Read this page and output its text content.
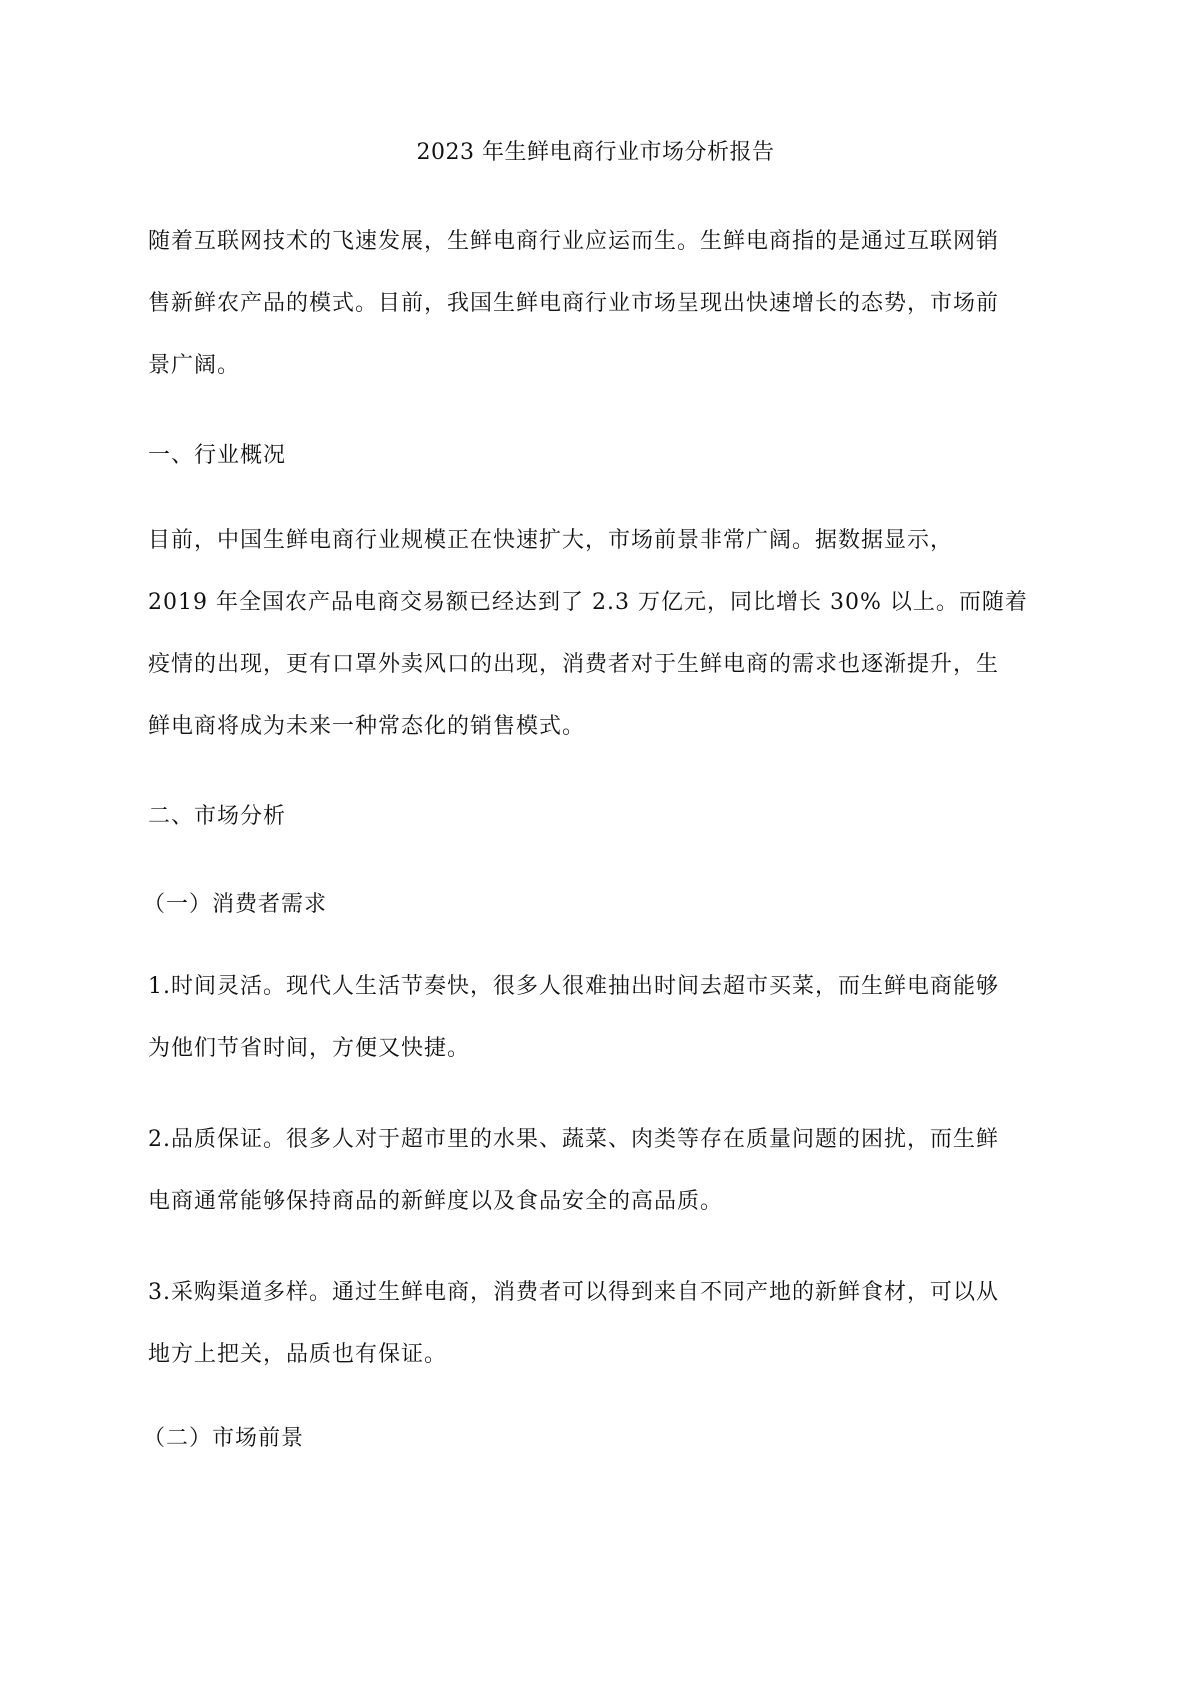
2023 年生鲜电商行业市场分析报告
随着互联网技术的飞速发展，生鲜电商行业应运而生。生鲜电商指的是通过互联网销
售新鲜农产品的模式。目前，我国生鲜电商行业市场呈现出快速增长的态势，市场前
景广阔。
一、行业概况
目前，中国生鲜电商行业规模正在快速扩大，市场前景非常广阔。据数据显示，
2019 年全国农产品电商交易额已经达到了 2.3 万亿元，同比增长 30% 以上。而随着
疫情的出现，更有口罩外卖风口的出现，消费者对于生鲜电商的需求也逐渐提升，生
鲜电商将成为未来一种常态化的销售模式。
二、市场分析
（一）消费者需求
1.时间灵活。现代人生活节奏快，很多人很难抽出时间去超市买菜，而生鲜电商能够
为他们节省时间，方便又快捷。
2.品质保证。很多人对于超市里的水果、蔬菜、肉类等存在质量问题的困扰，而生鲜
电商通常能够保持商品的新鲜度以及食品安全的高品质。
3.采购渠道多样。通过生鲜电商，消费者可以得到来自不同产地的新鲜食材，可以从
地方上把关，品质也有保证。
（二）市场前景
